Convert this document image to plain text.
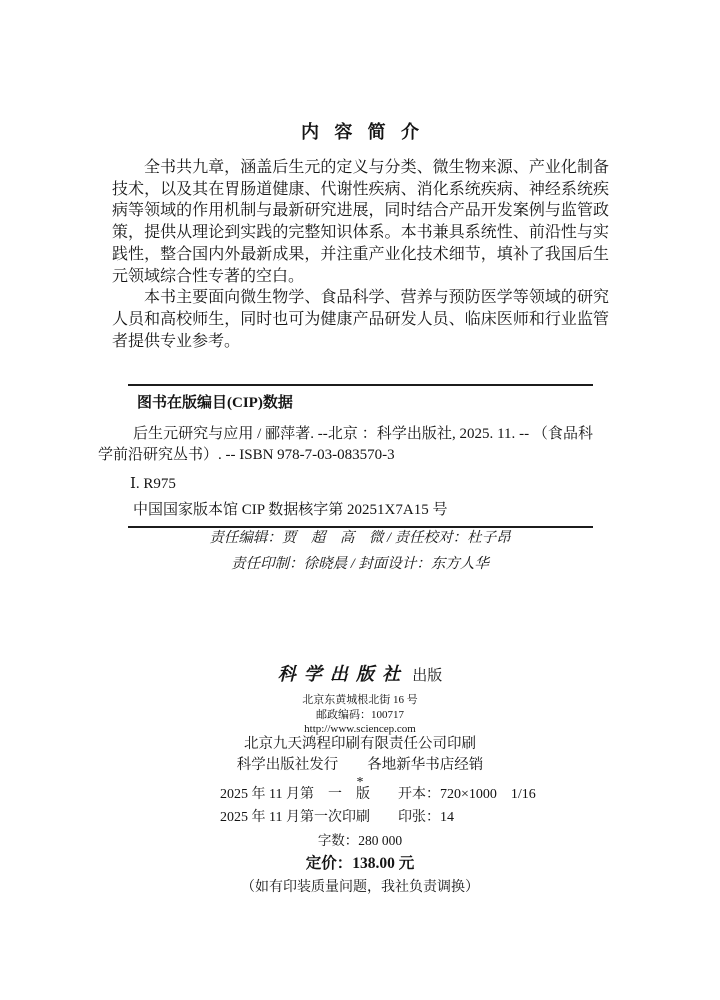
内容简介

全书共九章，涵盖后生元的定义与分类、微生物来源、产业化制备技术，以及其在胃肠道健康、代谢性疾病、消化系统疾病、神经系统疾病等领域的作用机制与最新研究进展，同时结合产品开发案例与监管政策，提供从理论到实践的完整知识体系。本书兼具系统性、前沿性与实践性，整合国内外最新成果，并注重产业化技术细节，填补了我国后生元领域综合性专著的空白。

本书主要面向微生物学、食品科学、营养与预防医学等领域的研究人员和高校师生，同时也可为健康产品研发人员、临床医师和行业监管者提供专业参考。

图书在版编目(CIP)数据

后生元研究与应用 / 郦萍著. --北京 ：科学出版社, 2025. 11. -- （食品科学前沿研究丛书）. -- ISBN 978-7-03-083570-3

Ⅰ. R975
中国国家版本馆 CIP 数据核字第 20251X7A15 号
责任编辑：贾　超　高　微 / 责任校对：杜子昂
责任印制：徐晓晨 / 封面设计：东方人华
科学出版社 出版
北京东黄城根北街 16 号
邮政编码：100717
http://www.sciencep.com
北京九天鸿程印刷有限责任公司印刷
科学出版社发行　　各地新华书店经销
*
2025 年 11 月第　一　版　　开本：720×1000　1/16
2025 年 11 月第一次印刷　　印张：14
字数：280 000
定价：138.00 元
（如有印装质量问题，我社负责调换）
